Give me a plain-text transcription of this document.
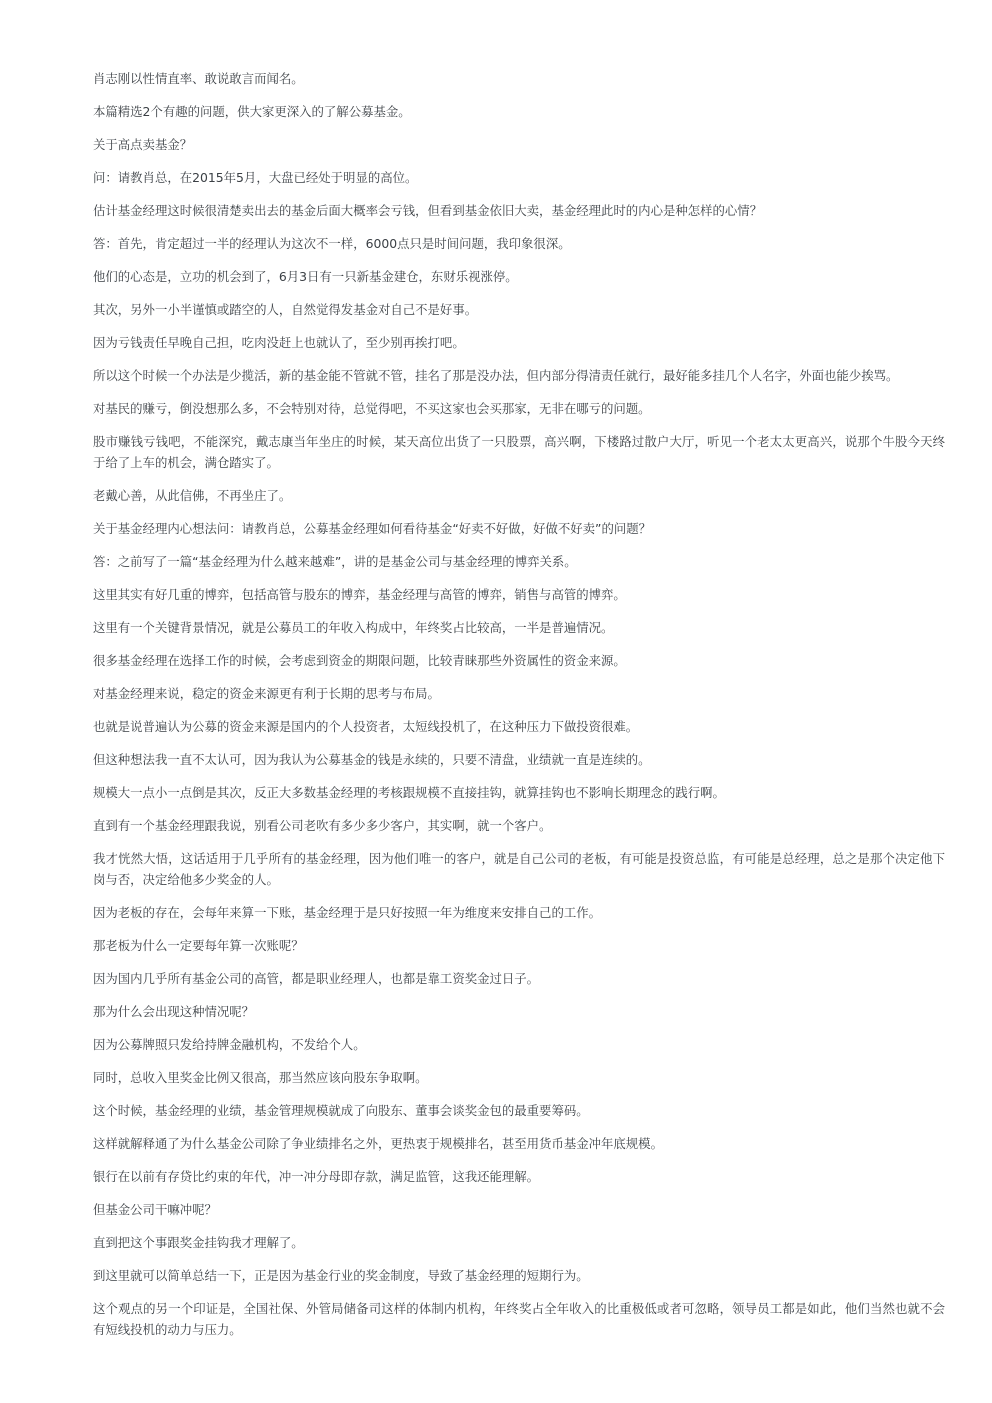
肖志刚以性情直率、敢说敢言而闻名。

本篇精选2个有趣的问题，供大家更深入的了解公募基金。

关于高点卖基金？

问：请教肖总，在2015年5月，大盘已经处于明显的高位。

估计基金经理这时候很清楚卖出去的基金后面大概率会亏钱，但看到基金依旧大卖，基金经理此时的内心是种怎样的心情？

答：首先，肯定超过一半的经理认为这次不一样，6000点只是时间问题，我印象很深。

他们的心态是，立功的机会到了，6月3日有一只新基金建仓，东财乐视涨停。

其次，另外一小半谨慎或踏空的人，自然觉得发基金对自己不是好事。

因为亏钱责任早晚自己担，吃肉没赶上也就认了，至少别再挨打吧。

所以这个时候一个办法是少揽活，新的基金能不管就不管，挂名了那是没办法，但内部分得清责任就行，最好能多挂几个人名字，外面也能少挨骂。

对基民的赚亏，倒没想那么多，不会特别对待，总觉得吧，不买这家也会买那家，无非在哪亏的问题。

股市赚钱亏钱吧，不能深究，戴志康当年坐庄的时候，某天高位出货了一只股票，高兴啊，下楼路过散户大厅，听见一个老太太更高兴，说那个牛股今天终于给了上车的机会，满仓踏实了。

老戴心善，从此信佛，不再坐庄了。

关于基金经理内心想法问：请教肖总，公募基金经理如何看待基金“好卖不好做，好做不好卖”的问题？

答：之前写了一篇“基金经理为什么越来越难”，讲的是基金公司与基金经理的博弈关系。

这里其实有好几重的博弈，包括高管与股东的博弈，基金经理与高管的博弈，销售与高管的博弈。

这里有一个关键背景情况，就是公募员工的年收入构成中，年终奖占比较高，一半是普遍情况。

很多基金经理在选择工作的时候，会考虑到资金的期限问题，比较青睐那些外资属性的资金来源。

对基金经理来说，稳定的资金来源更有利于长期的思考与布局。

也就是说普遍认为公募的资金来源是国内的个人投资者，太短线投机了，在这种压力下做投资很难。

但这种想法我一直不太认可，因为我认为公募基金的钱是永续的，只要不清盘，业绩就一直是连续的。

规模大一点小一点倒是其次，反正大多数基金经理的考核跟规模不直接挂钩，就算挂钩也不影响长期理念的践行啊。

直到有一个基金经理跟我说，别看公司老吹有多少多少客户，其实啊，就一个客户。

我才恍然大悟，这话适用于几乎所有的基金经理，因为他们唯一的客户，就是自己公司的老板，有可能是投资总监，有可能是总经理，总之是那个决定他下岗与否，决定给他多少奖金的人。

因为老板的存在，会每年来算一下账，基金经理于是只好按照一年为维度来安排自己的工作。

那老板为什么一定要每年算一次账呢？

因为国内几乎所有基金公司的高管，都是职业经理人，也都是靠工资奖金过日子。

那为什么会出现这种情况呢？

因为公募牌照只发给持牌金融机构，不发给个人。

同时，总收入里奖金比例又很高，那当然应该向股东争取啊。

这个时候，基金经理的业绩，基金管理规模就成了向股东、董事会谈奖金包的最重要筹码。

这样就解释通了为什么基金公司除了争业绩排名之外，更热衷于规模排名，甚至用货币基金冲年底规模。

银行在以前有存贷比约束的年代，冲一冲分母即存款，满足监管，这我还能理解。

但基金公司干嘛冲呢？

直到把这个事跟奖金挂钩我才理解了。

到这里就可以简单总结一下，正是因为基金行业的奖金制度，导致了基金经理的短期行为。

这个观点的另一个印证是，全国社保、外管局储备司这样的体制内机构，年终奖占全年收入的比重极低或者可忽略，领导员工都是如此，他们当然也就不会有短线投机的动力与压力。
